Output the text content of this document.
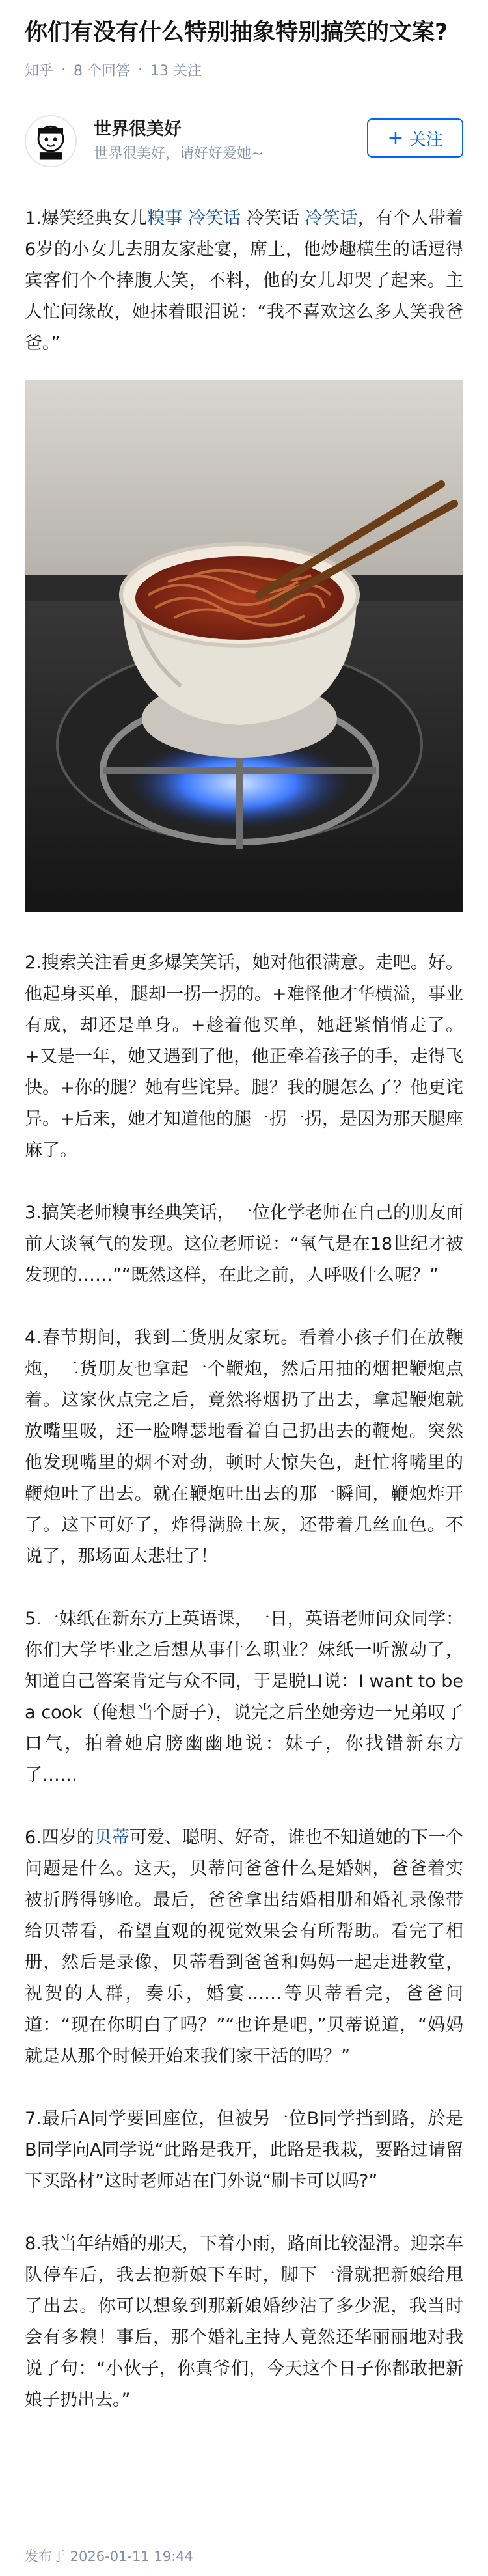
你们有没有什么特别抽象特别搞笑的文案?
知乎 · 8 个回答 · 13 关注
世界很美好
世界很美好，请好好爱她~
+ 关注

1.爆笑经典女儿糗事 冷笑话 冷笑话 冷笑话，有个人带着6岁的小女儿去朋友家赴宴，席上，他炒趣横生的话逗得宾客们个个捧腹大笑，不料，他的女儿却哭了起来。主人忙问缘故，她抹着眼泪说：“我不喜欢这么多人笑我爸爸。”

2.搜索关注看更多爆笑笑话，她对他很满意。走吧。好。他起身买单，腿却一拐一拐的。+难怪他才华横溢，事业有成，却还是单身。+趁着他买单，她赶紧悄悄走了。+又是一年，她又遇到了他，他正牵着孩子的手，走得飞快。+你的腿？她有些诧异。腿？我的腿怎么了？他更诧异。+后来，她才知道他的腿一拐一拐，是因为那天腿座麻了。

3.搞笑老师糗事经典笑话，一位化学老师在自己的朋友面前大谈氧气的发现。这位老师说：“氧气是在18世纪才被发现的……”“既然这样，在此之前，人呼吸什么呢？”

4.春节期间，我到二货朋友家玩。看着小孩子们在放鞭炮，二货朋友也拿起一个鞭炮，然后用抽的烟把鞭炮点着。这家伙点完之后，竟然将烟扔了出去，拿起鞭炮就放嘴里吸，还一脸嘚瑟地看着自己扔出去的鞭炮。突然他发现嘴里的烟不对劲，顿时大惊失色，赶忙将嘴里的鞭炮吐了出去。就在鞭炮吐出去的那一瞬间，鞭炮炸开了。这下可好了，炸得满脸土灰，还带着几丝血色。不说了，那场面太悲壮了！

5.一妹纸在新东方上英语课，一日，英语老师问众同学：你们大学毕业之后想从事什么职业？妹纸一听激动了，知道自己答案肯定与众不同，于是脱口说：I want to be a cook（俺想当个厨子），说完之后坐她旁边一兄弟叹了口气，拍着她肩膀幽幽地说：妹子，你找错新东方了……

6.四岁的贝蒂可爱、聪明、好奇，谁也不知道她的下一个问题是什么。这天，贝蒂问爸爸什么是婚姻，爸爸着实被折腾得够呛。最后，爸爸拿出结婚相册和婚礼录像带给贝蒂看，希望直观的视觉效果会有所帮助。看完了相册，然后是录像，贝蒂看到爸爸和妈妈一起走进教堂，祝贺的人群，奏乐，婚宴……等贝蒂看完，爸爸问道：“现在你明白了吗？”“也许是吧，”贝蒂说道，“妈妈就是从那个时候开始来我们家干活的吗？”

7.最后A同学要回座位，但被另一位B同学挡到路，於是B同学向A同学说“此路是我开，此路是我栽，要路过请留下买路材”这时老师站在门外说“刷卡可以吗?”

8.我当年结婚的那天，下着小雨，路面比较湿滑。迎亲车队停车后，我去抱新娘下车时，脚下一滑就把新娘给甩了出去。你可以想象到那新娘婚纱沾了多少泥，我当时会有多糗！事后，那个婚礼主持人竟然还华丽丽地对我说了句：“小伙子，你真爷们，今天这个日子你都敢把新娘子扔出去。”

发布于 2026-01-11 19:44
